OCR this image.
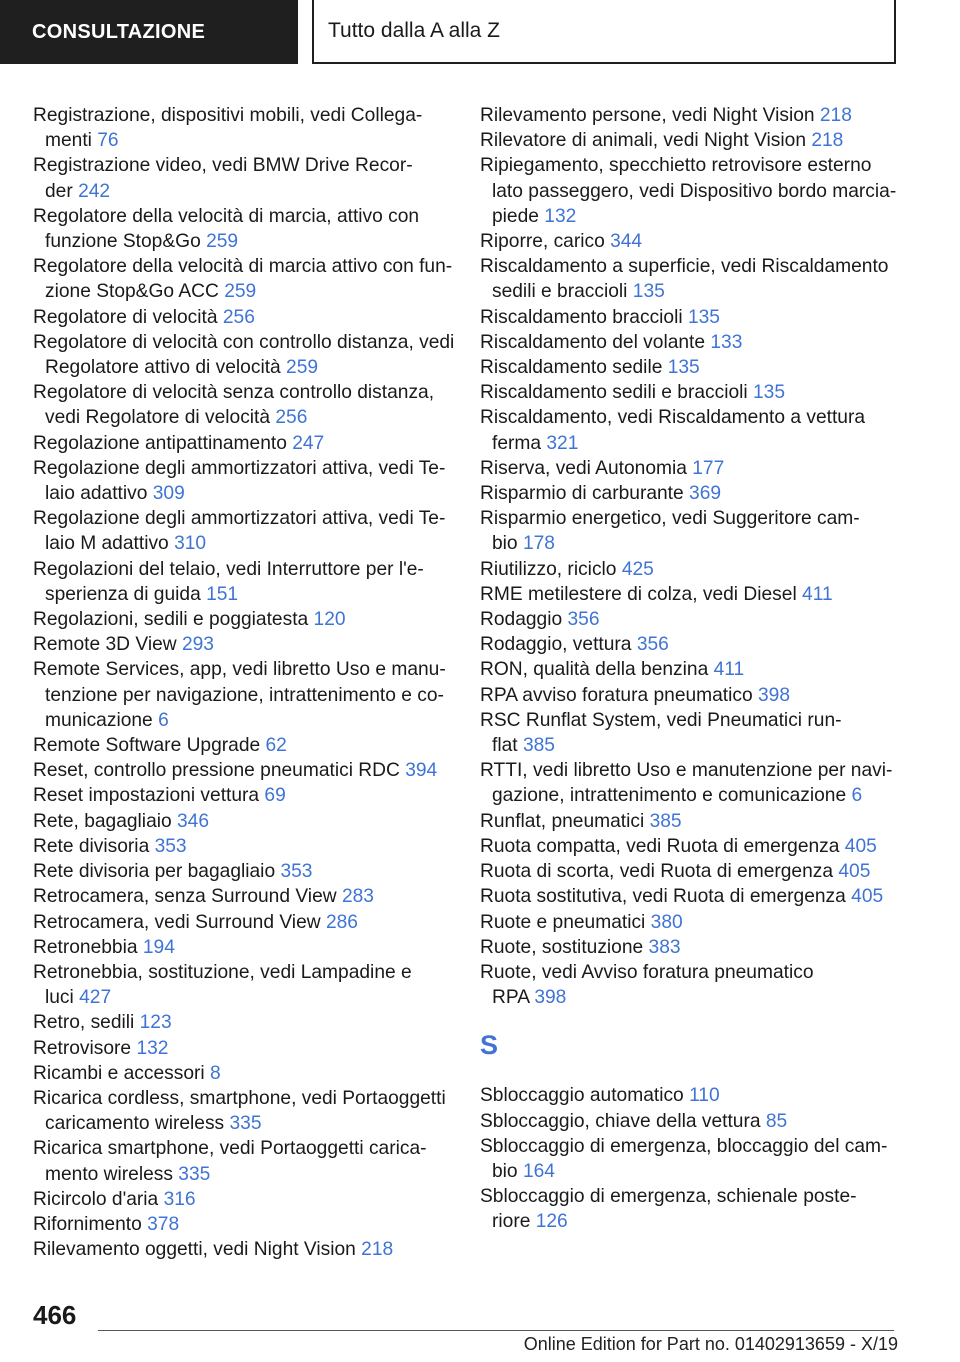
CONSULTAZIONE	Tutto dalla A alla Z
Registrazione, dispositivi mobili, vedi Collega-
menti 76
Registrazione video, vedi BMW Drive Recor-
der 242
Regolatore della velocità di marcia, attivo con
funzione Stop&Go 259
Regolatore della velocità di marcia attivo con fun-
zione Stop&Go ACC 259
Regolatore di velocità 256
Regolatore di velocità con controllo distanza, vedi
Regolatore attivo di velocità 259
Regolatore di velocità senza controllo distanza,
vedi Regolatore di velocità 256
Regolazione antipattinamento 247
Regolazione degli ammortizzatori attiva, vedi Te-
laio adattivo 309
Regolazione degli ammortizzatori attiva, vedi Te-
laio M adattivo 310
Regolazioni del telaio, vedi Interruttore per l'e-
sperienza di guida 151
Regolazioni, sedili e poggiatesta 120
Remote 3D View 293
Remote Services, app, vedi libretto Uso e manu-
tenzione per navigazione, intrattenimento e co-
municazione 6
Remote Software Upgrade 62
Reset, controllo pressione pneumatici RDC 394
Reset impostazioni vettura 69
Rete, bagagliaio 346
Rete divisoria 353
Rete divisoria per bagagliaio 353
Retrocamera, senza Surround View 283
Retrocamera, vedi Surround View 286
Retronebbia 194
Retronebbia, sostituzione, vedi Lampadine e
luci 427
Retro, sedili 123
Retrovisore 132
Ricambi e accessori 8
Ricarica cordless, smartphone, vedi Portaoggetti
caricamento wireless 335
Ricarica smartphone, vedi Portaoggetti carica-
mento wireless 335
Ricircolo d'aria 316
Rifornimento 378
Rilevamento oggetti, vedi Night Vision 218
Rilevamento persone, vedi Night Vision 218
Rilevatore di animali, vedi Night Vision 218
Ripiegamento, specchietto retrovisore esterno
lato passeggero, vedi Dispositivo bordo marcia-
piede 132
Riporre, carico 344
Riscaldamento a superficie, vedi Riscaldamento
sedili e braccioli 135
Riscaldamento braccioli 135
Riscaldamento del volante 133
Riscaldamento sedile 135
Riscaldamento sedili e braccioli 135
Riscaldamento, vedi Riscaldamento a vettura
ferma 321
Riserva, vedi Autonomia 177
Risparmio di carburante 369
Risparmio energetico, vedi Suggeritore cam-
bio 178
Riutilizzo, riciclo 425
RME metilestere di colza, vedi Diesel 411
Rodaggio 356
Rodaggio, vettura 356
RON, qualità della benzina 411
RPA avviso foratura pneumatico 398
RSC Runflat System, vedi Pneumatici run-
flat 385
RTTI, vedi libretto Uso e manutenzione per navi-
gazione, intrattenimento e comunicazione 6
Runflat, pneumatici 385
Ruota compatta, vedi Ruota di emergenza 405
Ruota di scorta, vedi Ruota di emergenza 405
Ruota sostitutiva, vedi Ruota di emergenza 405
Ruote e pneumatici 380
Ruote, sostituzione 383
Ruote, vedi Avviso foratura pneumatico
RPA 398
S
Sbloccaggio automatico 110
Sbloccaggio, chiave della vettura 85
Sbloccaggio di emergenza, bloccaggio del cam-
bio 164
Sbloccaggio di emergenza, schienale poste-
riore 126
466
Online Edition for Part no. 01402913659 - X/19
